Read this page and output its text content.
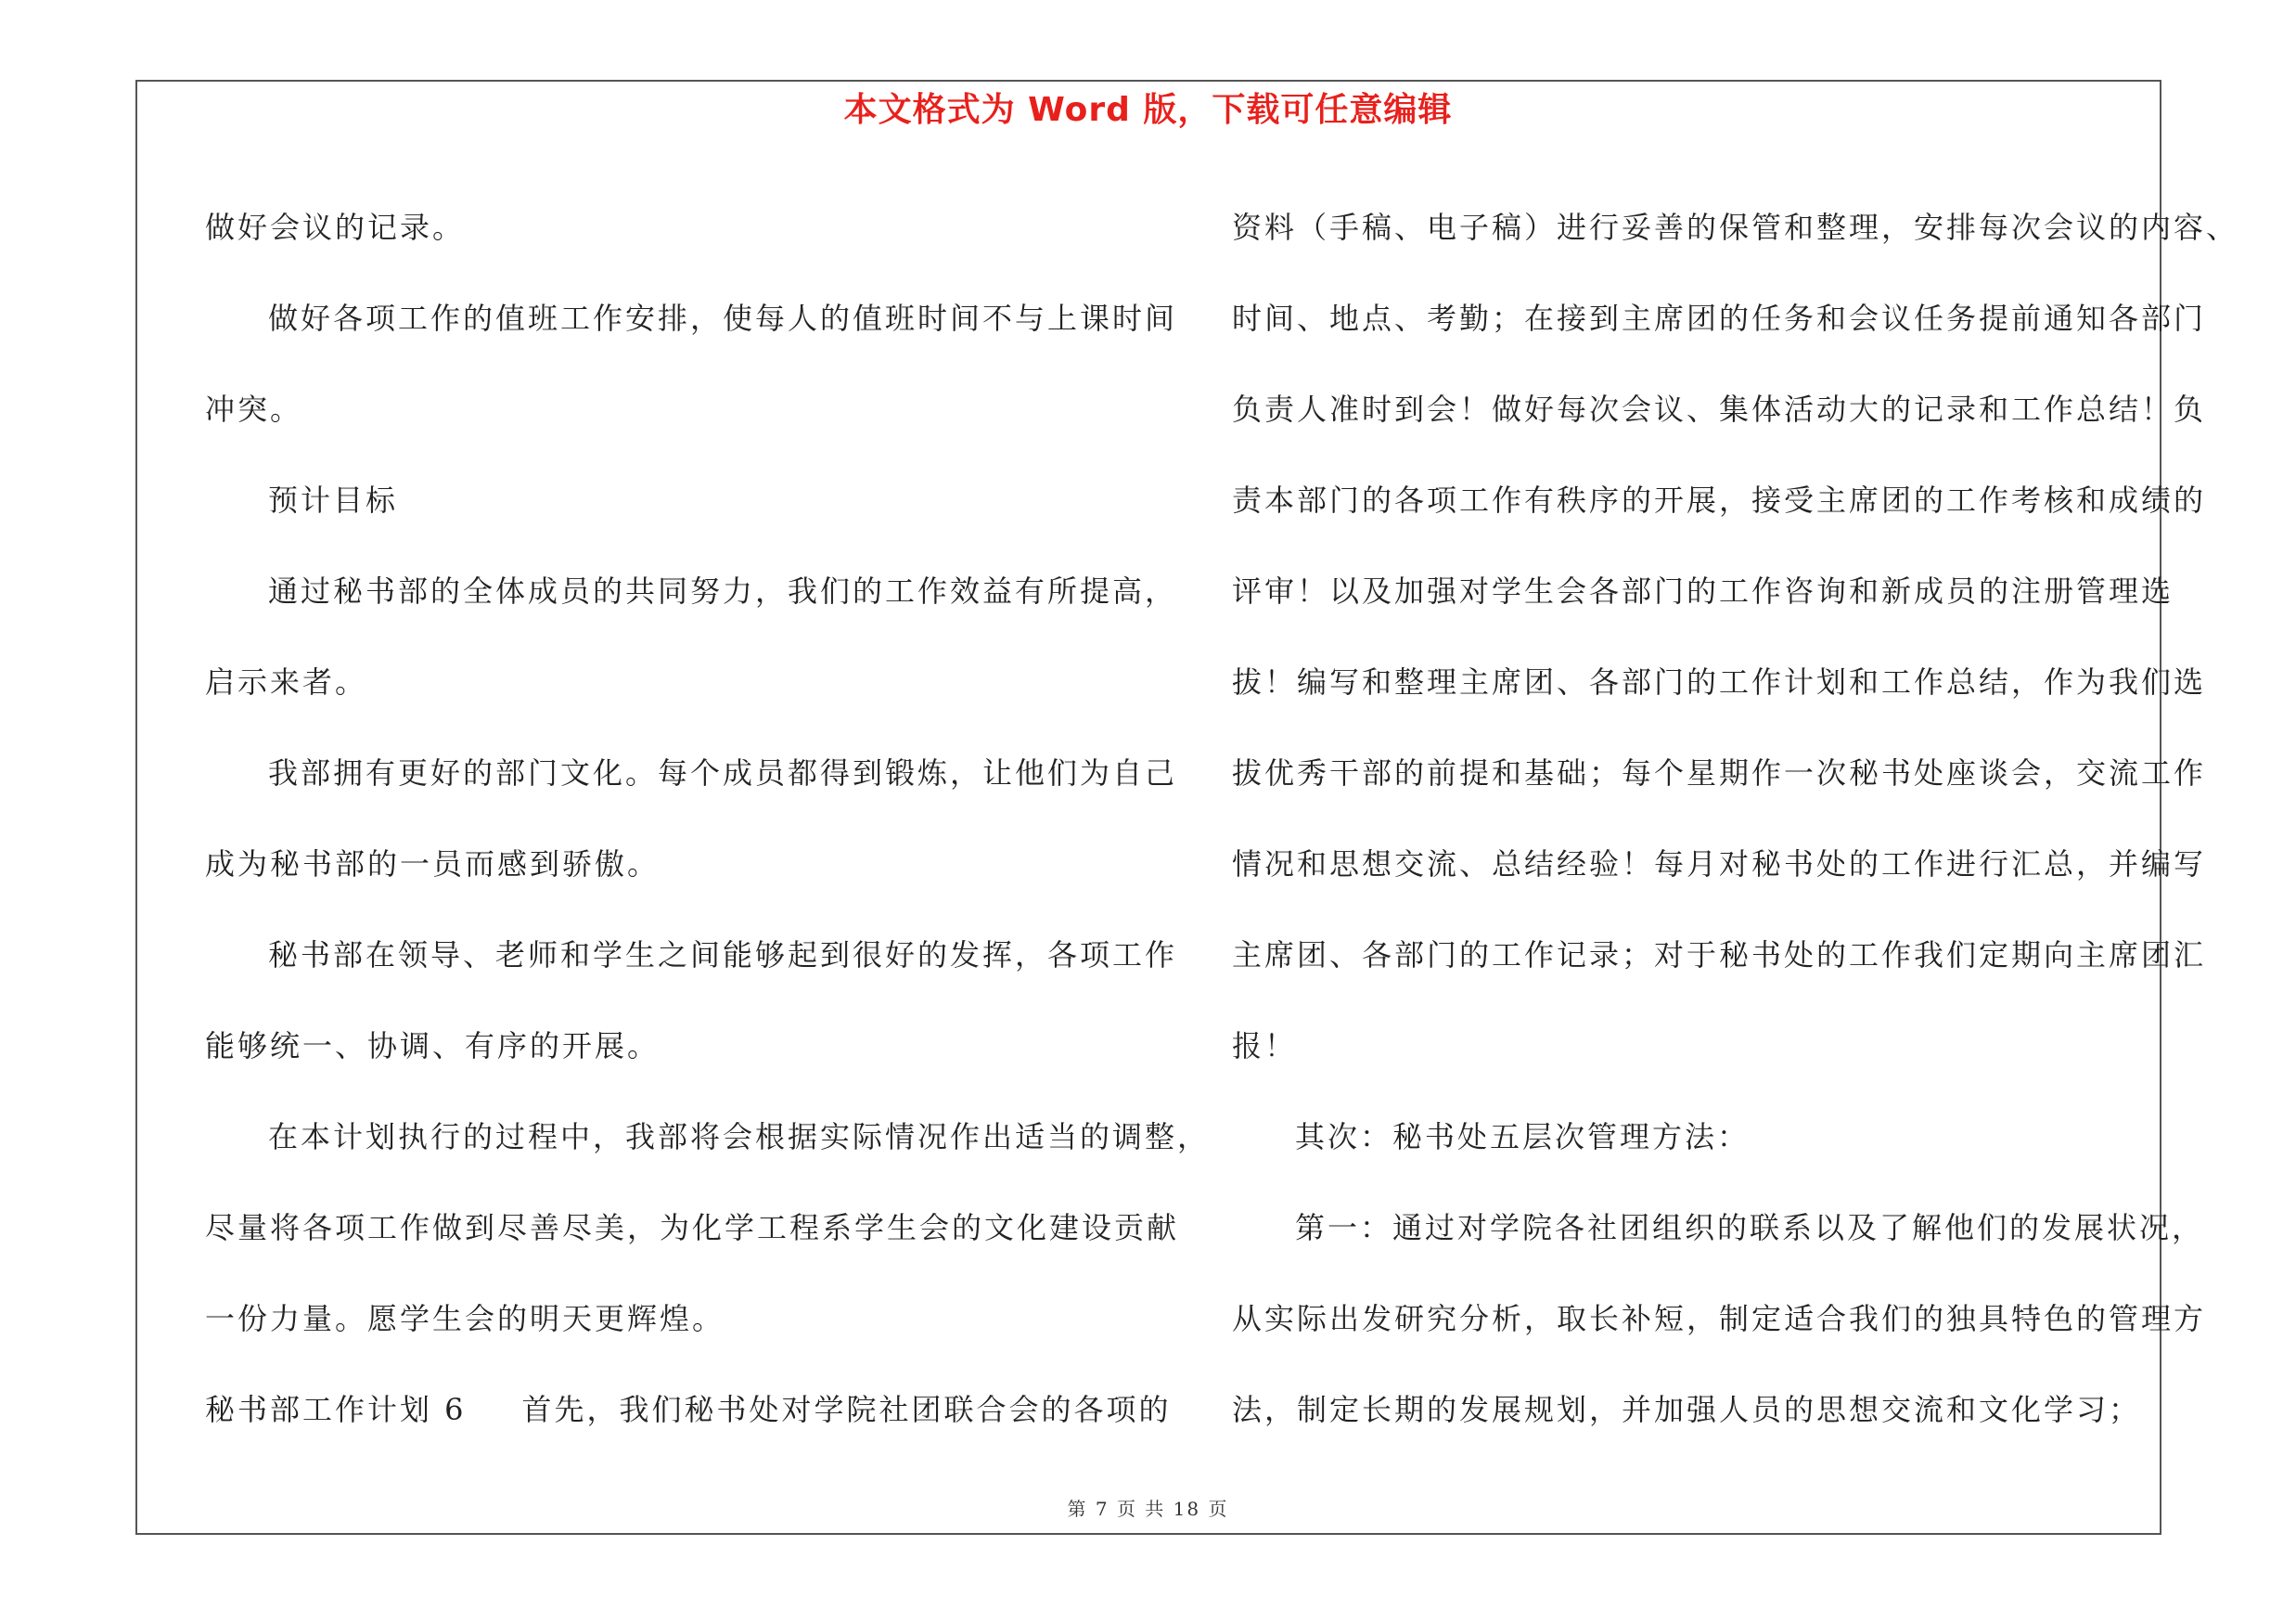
本文格式为 Word 版，下载可任意编辑

做好会议的记录。

做好各项工作的值班工作安排，使每人的值班时间不与上课时间

冲突。

预计目标

通过秘书部的全体成员的共同努力，我们的工作效益有所提高，

启示来者。

我部拥有更好的部门文化。每个成员都得到锻炼，让他们为自己

成为秘书部的一员而感到骄傲。

秘书部在领导、老师和学生之间能够起到很好的发挥，各项工作

能够统一、协调、有序的开展。

在本计划执行的过程中，我部将会根据实际情况作出适当的调整，

尽量将各项工作做到尽善尽美，为化学工程系学生会的文化建设贡献

一份力量。愿学生会的明天更辉煌。

秘书部工作计划 6 首先，我们秘书处对学院社团联合会的各项的

资料（手稿、电子稿）进行妥善的保管和整理，安排每次会议的内容、

时间、地点、考勤；在接到主席团的任务和会议任务提前通知各部门

负责人准时到会！做好每次会议、集体活动大的记录和工作总结！负

责本部门的各项工作有秩序的开展，接受主席团的工作考核和成绩的

评审！以及加强对学生会各部门的工作咨询和新成员的注册管理选

拔！编写和整理主席团、各部门的工作计划和工作总结，作为我们选

拔优秀干部的前提和基础；每个星期作一次秘书处座谈会，交流工作

情况和思想交流、总结经验！每月对秘书处的工作进行汇总，并编写

主席团、各部门的工作记录；对于秘书处的工作我们定期向主席团汇

报！

其次：秘书处五层次管理方法：

第一：通过对学院各社团组织的联系以及了解他们的发展状况，

从实际出发研究分析，取长补短，制定适合我们的独具特色的管理方

法，制定长期的发展规划，并加强人员的思想交流和文化学习；

第 7 页 共 18 页
